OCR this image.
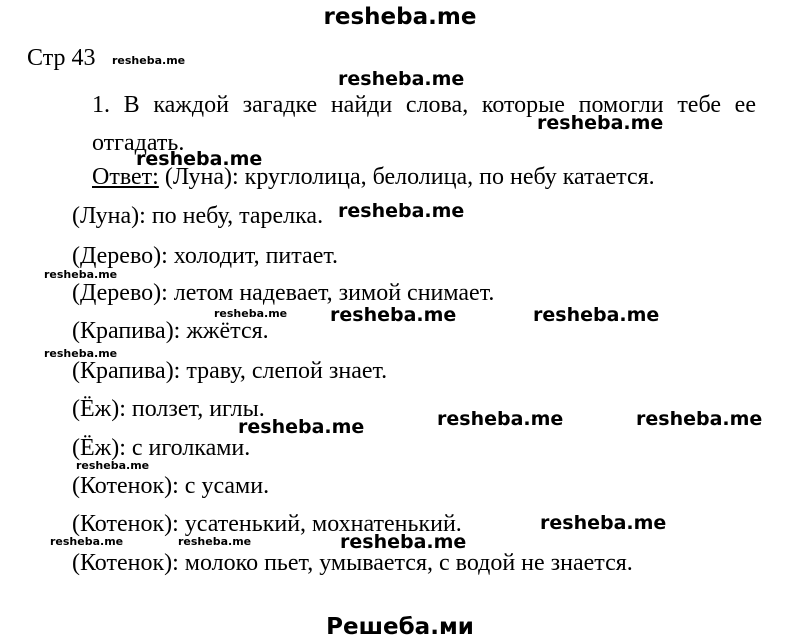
resheba.me
Стр 43
1. В каждой загадке найди слова, которые помогли тебе ее отгадать.
Ответ: (Луна): круглолица, белолица, по небу катается.
(Луна): по небу, тарелка.
(Дерево): холодит, питает.
(Дерево): летом надевает, зимой снимает.
(Крапива): жжётся.
(Крапива): траву, слепой знает.
(Ёж): ползет, иглы.
(Ёж): с иголками.
(Котенок): с усами.
(Котенок): усатенький, мохнатенький.
(Котенок): молоко пьет, умывается, с водой не знается.
resheba.me
resheba.me
resheba.me
resheba.me
resheba.me
resheba.me
resheba.me resheba.me	resheba.me
resheba.me
resheba.me	resheba.me
resheba.me
resheba.me
resheba.me
resheba.me	resheba.me	resheba.me
Решеба.ми
